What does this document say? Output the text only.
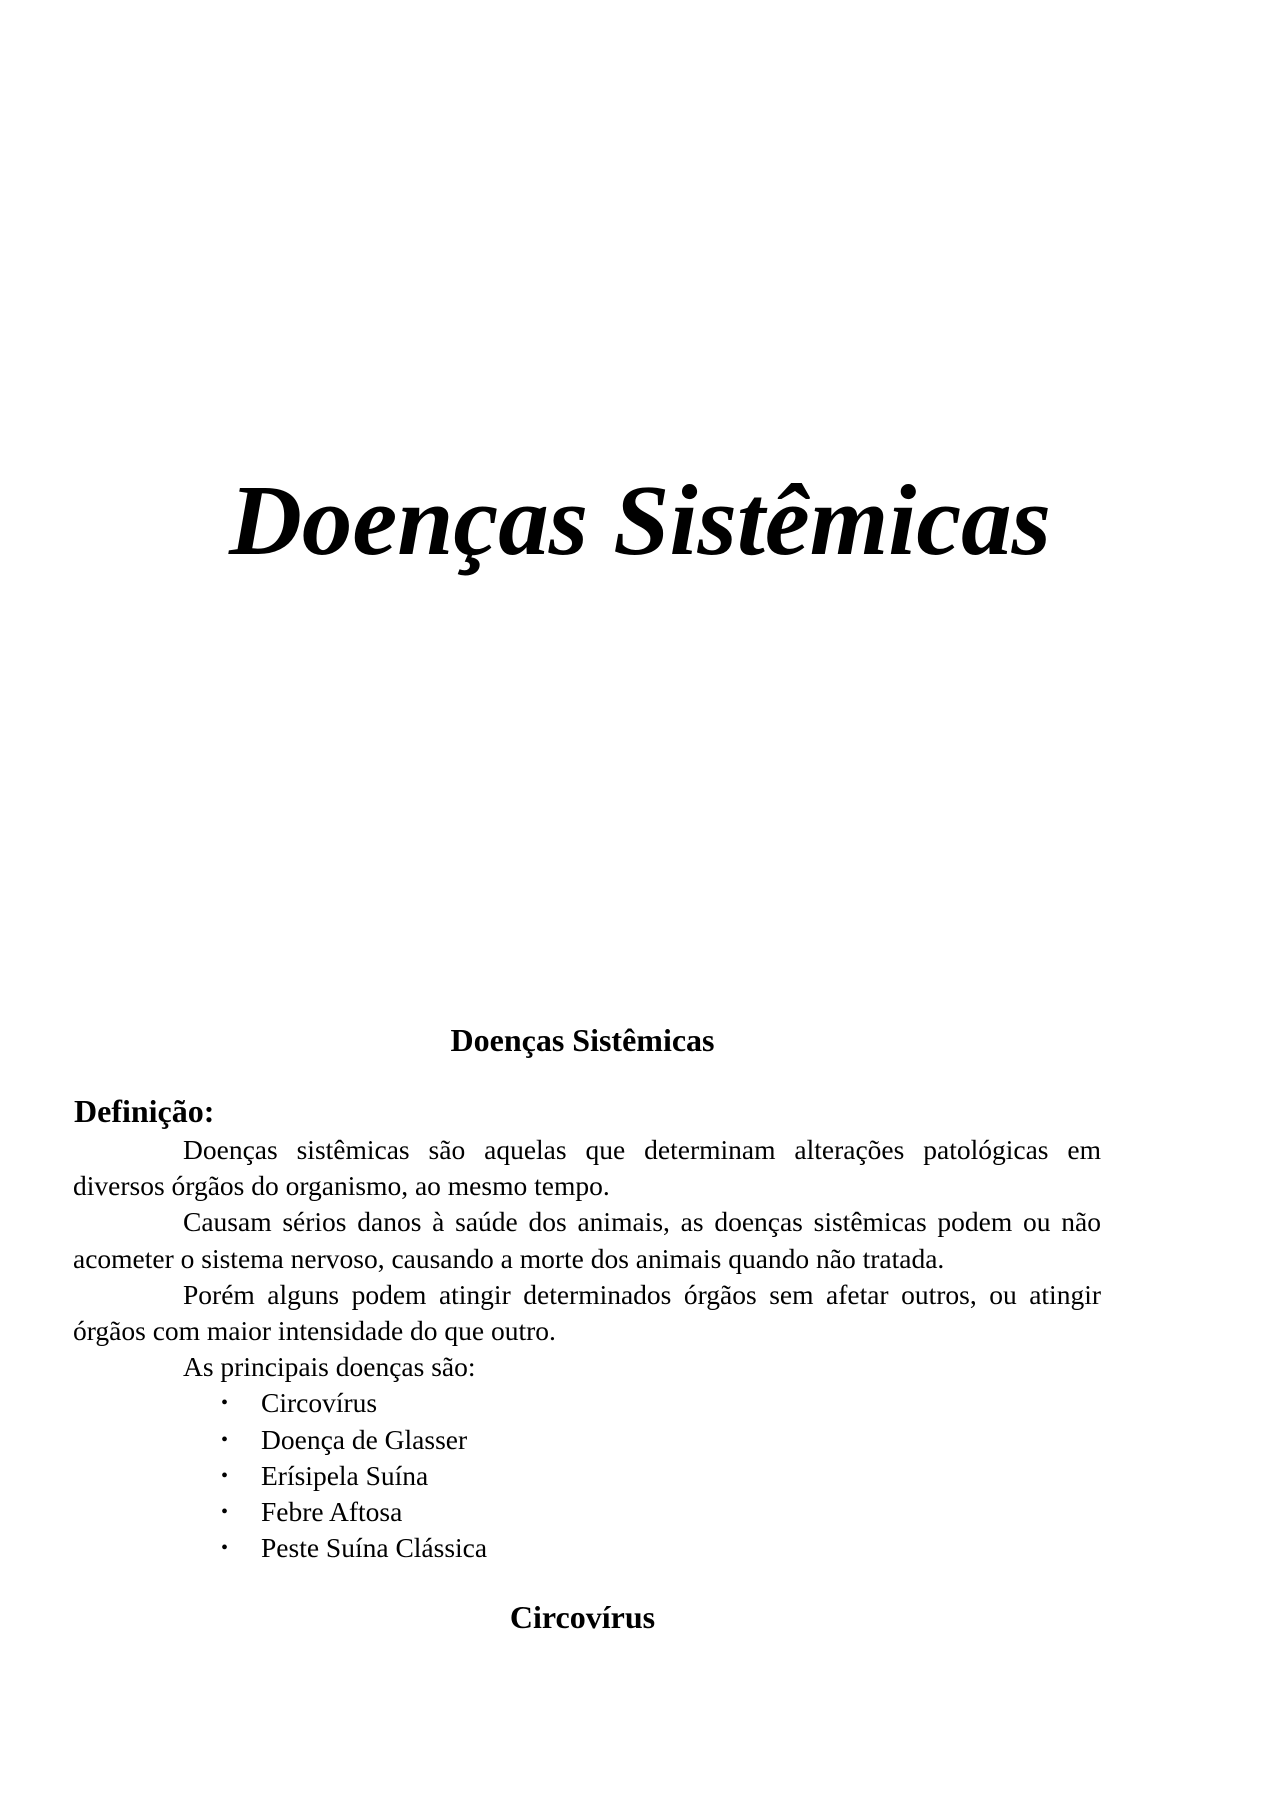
Doenças Sistêmicas
Doenças Sistêmicas
Definição:

Doenças sistêmicas são aquelas que determinam alterações patológicas em diversos órgãos do organismo, ao mesmo tempo.

Causam sérios danos à saúde dos animais, as doenças sistêmicas podem ou não acometer o sistema nervoso, causando a morte dos animais quando não tratada.

Porém alguns podem atingir determinados órgãos sem afetar outros, ou atingir órgãos com maior intensidade do que outro.

As principais doenças são:

• Circovírus
• Doença de Glasser
• Erísipela Suína
• Febre Aftosa
• Peste Suína Clássica
Circovírus
